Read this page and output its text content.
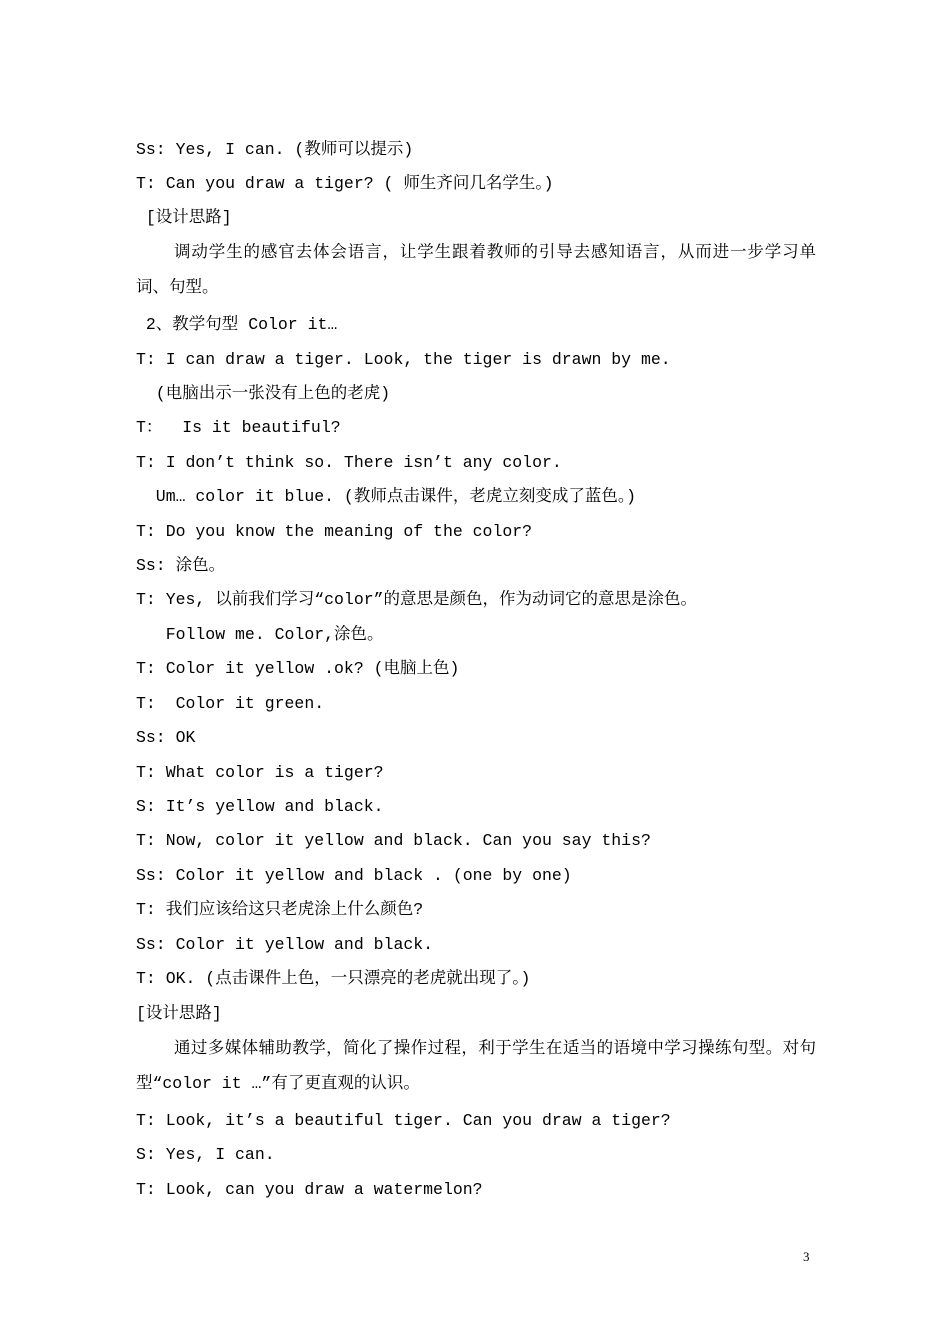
Ss: Yes, I can. (教师可以提示)
T: Can you draw a tiger? ( 师生齐问几名学生。)
[设计思路]
调动学生的感官去体会语言，让学生跟着教师的引导去感知语言，从而进一步学习单词、句型。
2、教学句型 Color it…
T: I can draw a tiger. Look, the tiger is drawn by me.
(电脑出示一张没有上色的老虎)
T：  Is it beautiful?
T: I don’t think so. There isn’t any color.
Um… color it blue. (教师点击课件，老虎立刻变成了蓝色。)
T: Do you know the meaning of the color?
Ss: 涂色。
T: Yes, 以前我们学习“color”的意思是颜色，作为动词它的意思是涂色。
Follow me. Color,涂色。
T: Color it yellow .ok? (电脑上色)
T:  Color it green.
Ss: OK
T: What color is a tiger?
S: It’s yellow and black.
T: Now, color it yellow and black. Can you say this?
Ss: Color it yellow and black . (one by one)
T: 我们应该给这只老虎涂上什么颜色?
Ss: Color it yellow and black.
T: OK. (点击课件上色，一只漂亮的老虎就出现了。)
[设计思路]
通过多媒体辅助教学，简化了操作过程，利于学生在适当的语境中学习操练句型。对句型“color it …”有了更直观的认识。
T: Look, it’s a beautiful tiger. Can you draw a tiger?
S: Yes, I can.
T: Look, can you draw a watermelon?
3
